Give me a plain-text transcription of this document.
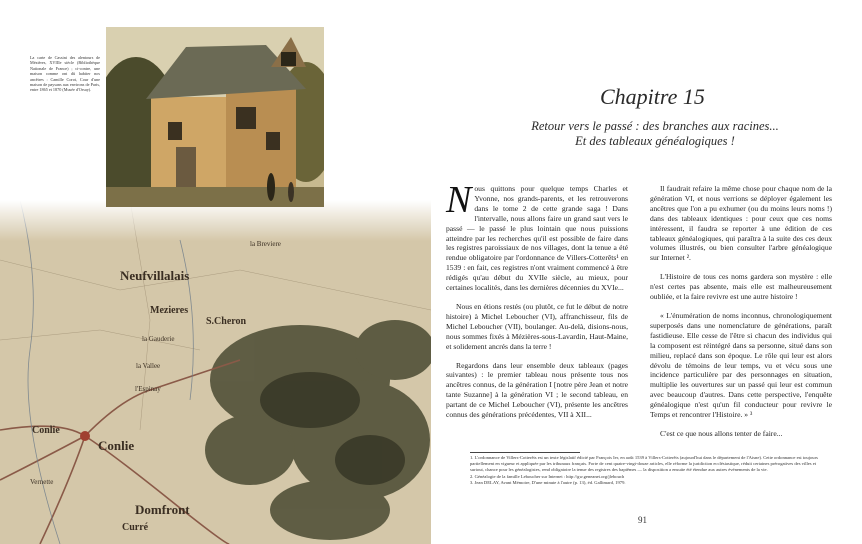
Neufvillalais
Mezieres
S.Cheron
la Breviere
la Gauderie
la Vallee
l'Espinay
Conlie
Conlie
Vernette
Domfront
Curré
La carte de Cassini des alentours de Mézières, XVIIIe siècle (Bibliothèque Nationale de France) ; ci-contre, une maison comme ont dû habiter nos ancêtres : Camille Corot, Cour d'une maison de paysans aux environs de Paris, entre 1865 et 1870 (Musée d'Orsay).	Chapitre 15
Retour vers le passé : des branches aux racines...
Et des tableaux généalogiques !

Nous quittons pour quelque temps Charles et Yvonne, nos grands-parents, et les retrouverons dans le tome 2 de cette grande saga ! Dans l'intervalle, nous allons faire un grand saut vers le passé — le passé le plus lointain que nous puissions atteindre par les recherches qu'il est possible de faire dans les registres paroissiaux de nos villages, dont la tenue a été rendue obligatoire par l'ordonnance de Villers-Cotterêts¹ en 1539 : en fait, ces registres n'ont vraiment commencé à être rédigés qu'au début du XVIIe siècle, au mieux, pour certaines localités, dans les dernières décennies du XVIe...

Nous en étions restés (ou plutôt, ce fut le début de notre histoire) à Michel Leboucher (VI), affranchisseur, fils de Michel Leboucher (VII), boulanger. Au-delà, disions-nous, nous sommes fixés à Mézières-sous-Lavardin, Haut-Maine, et solidement ancrés dans la terre !

Regardons dans leur ensemble deux tableaux (pages suivantes) : le premier tableau nous présente tous nos ancêtres connus, de la génération I [notre père Jean et notre tante Suzanne] à la génération VI ; le second tableau, en partant de ce Michel Leboucher (VI), présente les ancêtres connus des générations précédentes, VII à XII...

Il faudrait refaire la même chose pour chaque nom de la génération VI, et nous verrions se déployer également les ancêtres que l'on a pu exhumer (ou du moins leurs noms !) dans des tableaux identiques : pour ceux que ces noms intéressent, il faudra se reporter à une édition de ces tableaux généalogiques, qui paraîtra à la suite des ces deux volumes illustrés, ou bien consulter l'arbre généalogique sur Internet ².

L'Histoire de tous ces noms gardera son mystère : elle n'est certes pas absente, mais elle est malheureusement oubliée, et la faire revivre est une autre histoire !

« L'énumération de noms inconnus, chronologiquement superposés dans une nomenclature de générations, paraît fastidieuse. Elle cesse de l'être si chacun des individus qui la composent est réintégré dans sa personne, situé dans son milieu, replacé dans son époque. Le rôle qui leur est alors dévolu de témoins de leur temps, vu et vécu sous une incidence particulière par des personnages en situation, multiplie les ouvertures sur un passé qui leur est commun avec beaucoup d'autres. Dans cette perspective, l'enquête généalogique n'est qu'un fil conducteur pour revivre le Temps et rencontrer l'Histoire. » ³

C'est ce que nous allons tenter de faire...

1. L'ordonnance de Villers-Cotterêts est un texte législatif édicté par François Ier, en août 1539 à Villers-Cotterêts (aujourd'hui dans le département de l'Aisne). Cette ordonnance est toujours partiellement en vigueur et appliquée par les tribunaux français. Forte de cent quatre-vingt-douze articles, elle réforme la juridiction ecclésiastique, réduit certaines prérogatives des villes et surtout, chance pour les généalogistes, rend obligatoire la tenue des registres des baptêmes — la disposition a ensuite été étendue aux autres événements de la vie.
2. Généalogie de la famille Leboucher sur Internet : http://gw.geneanet.org/jlebouch
3. Jean DELAY, Avant Mémoire, D'une minute à l'autre (p. 13), éd. Gallimard, 1979.
91
